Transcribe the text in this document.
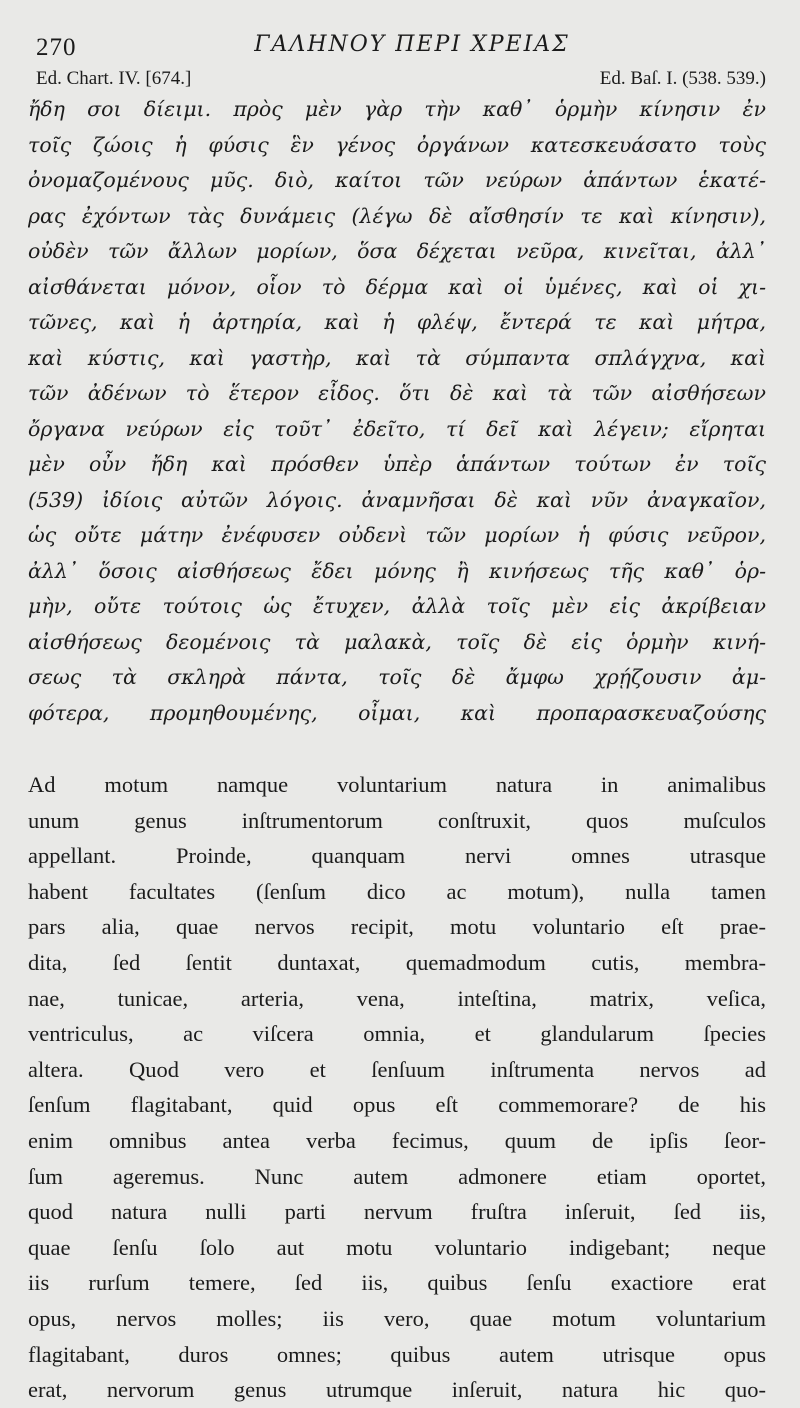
270	ΓΑΛΗΝΟΥ ΠΕΡΙ ΧΡΕΙΑΣ
Ed. Chart. IV. [674.]	Ed. Baſ. I. (538. 539.)
ἤδη σοι δίειμι. πρὸς μὲν γὰρ τὴν καθ᾽ ὁρμὴν κίνησιν ἐν
τοῖς ζώοις ἡ φύσις ἓν γένος ὀργάνων κατεσκευάσατο τοὺς
ὀνομαζομένους μῦς. διὸ, καίτοι τῶν νεύρων ἁπάντων ἑκατέ-
ρας ἐχόντων τὰς δυνάμεις (λέγω δὲ αἴσθησίν τε καὶ κίνησιν),
οὐδὲν τῶν ἄλλων μορίων, ὅσα δέχεται νεῦρα, κινεῖται, ἀλλ᾽
αἰσθάνεται μόνον, οἷον τὸ δέρμα καὶ οἱ ὑμένες, καὶ οἱ χι-
τῶνες, καὶ ἡ ἀρτηρία, καὶ ἡ φλέψ, ἔντερά τε καὶ μήτρα,
καὶ κύστις, καὶ γαστὴρ, καὶ τὰ σύμπαντα σπλάγχνα, καὶ
τῶν ἀδένων τὸ ἕτερον εἶδος. ὅτι δὲ καὶ τὰ τῶν αἰσθήσεων
ὄργανα νεύρων εἰς τοῦτ᾽ ἐδεῖτο, τί δεῖ καὶ λέγειν; εἴρηται
μὲν οὖν ἤδη καὶ πρόσθεν ὑπὲρ ἁπάντων τούτων ἐν τοῖς
(539) ἰδίοις αὐτῶν λόγοις. ἀναμνῆσαι δὲ καὶ νῦν ἀναγκαῖον,
ὡς οὔτε μάτην ἐνέφυσεν οὐδενὶ τῶν μορίων ἡ φύσις νεῦρον,
ἀλλ᾽ ὅσοις αἰσθήσεως ἔδει μόνης ἢ κινήσεως τῆς καθ᾽ ὁρ-
μὴν, οὔτε τούτοις ὡς ἔτυχεν, ἀλλὰ τοῖς μὲν εἰς ἀκρίβειαν
αἰσθήσεως δεομένοις τὰ μαλακὰ, τοῖς δὲ εἰς ὁρμὴν κινή-
σεως τὰ σκληρὰ πάντα, τοῖς δὲ ἄμφω χρῄζουσιν ἀμ-
φότερα, προμηθουμένης, οἶμαι, καὶ προπαρασκευαζούσης
Ad motum namque voluntarium natura in animalibus
unum genus inſtrumentorum conſtruxit, quos muſculos
appellant. Proinde, quanquam nervi omnes utrasque
habent facultates (ſenſum dico ac motum), nulla tamen
pars alia, quae nervos recipit, motu voluntario eſt prae-
dita, ſed ſentit duntaxat, quemadmodum cutis, membra-
nae, tunicae, arteria, vena, inteſtina, matrix, veſica,
ventriculus, ac viſcera omnia, et glandularum ſpecies
altera. Quod vero et ſenſuum inſtrumenta nervos ad
ſenſum flagitabant, quid opus eſt commemorare? de his
enim omnibus antea verba fecimus, quum de ipſis ſeor-
ſum ageremus. Nunc autem admonere etiam oportet,
quod natura nulli parti nervum fruſtra inſeruit, ſed iis,
quae ſenſu ſolo aut motu voluntario indigebant; neque
iis rurſum temere, ſed iis, quibus ſenſu exactiore erat
opus, nervos molles; iis vero, quae motum voluntarium
flagitabant, duros omnes; quibus autem utrisque opus
erat, nervorum genus utrumque inſeruit, natura hic quo-
